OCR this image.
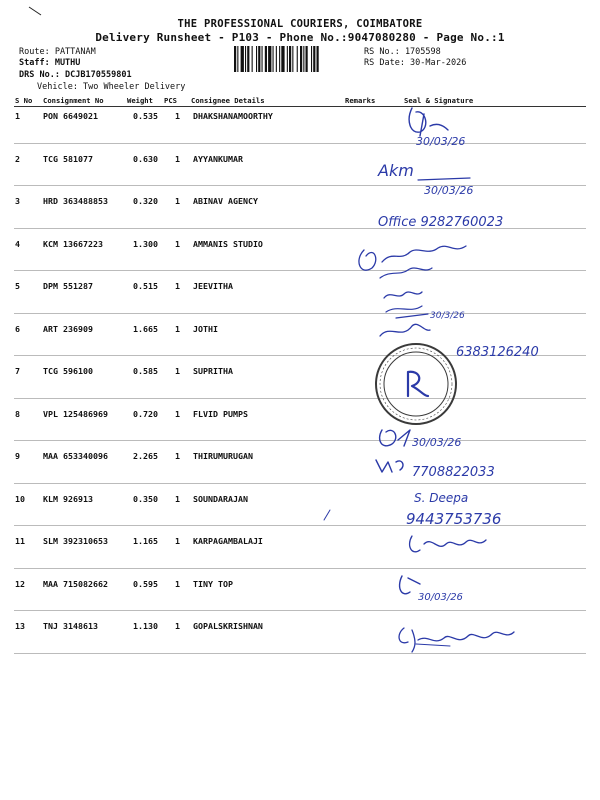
THE PROFESSIONAL COURIERS, COIMBATORE
Delivery Runsheet - P103 - Phone No.:9047080280 - Page No.:1
Route: PATTANAM
Staff: MUTHU
DRS No.: DCJB170559801
Vehicle: Two Wheeler Delivery
RS No.: 1705598
RS Date: 30-Mar-2026
S No Consignment No	Weight PCS Consignee Details	Remarks	Seal & Signature
1	PON 6649021	0.535 1 DHAKSHANAMOORTHY
2	TCG 581077	0.630 1 AYYANKUMAR
3	HRD 363488853	0.320 1 ABINAV AGENCY
4	KCM 13667223	1.300 1 AMMANIS STUDIO
5	DPM 551287	0.515 1 JEEVITHA
6	ART 236909	1.665 1 JOTHI
7	TCG 596100	0.585 1 SUPRITHA
8	VPL 125486969	0.720 1 FLVID PUMPS
9	MAA 653340096	2.265 1 THIRUMURUGAN
10 KLM 926913	0.350 1 SOUNDARAJAN
11 SLM 392310653	1.165 1 KARPAGAMBALAJI
12 MAA 715082662	0.595 1 TINY TOP
13 TNJ 3148613	1.130 1 GOPALSKRISHNAN
30/03/26
Akm
30/03/26
Office 9282760023
30/3/26
6383126240
30/03/26
7708822033
S. Deepa
9443753736
30/03/26
